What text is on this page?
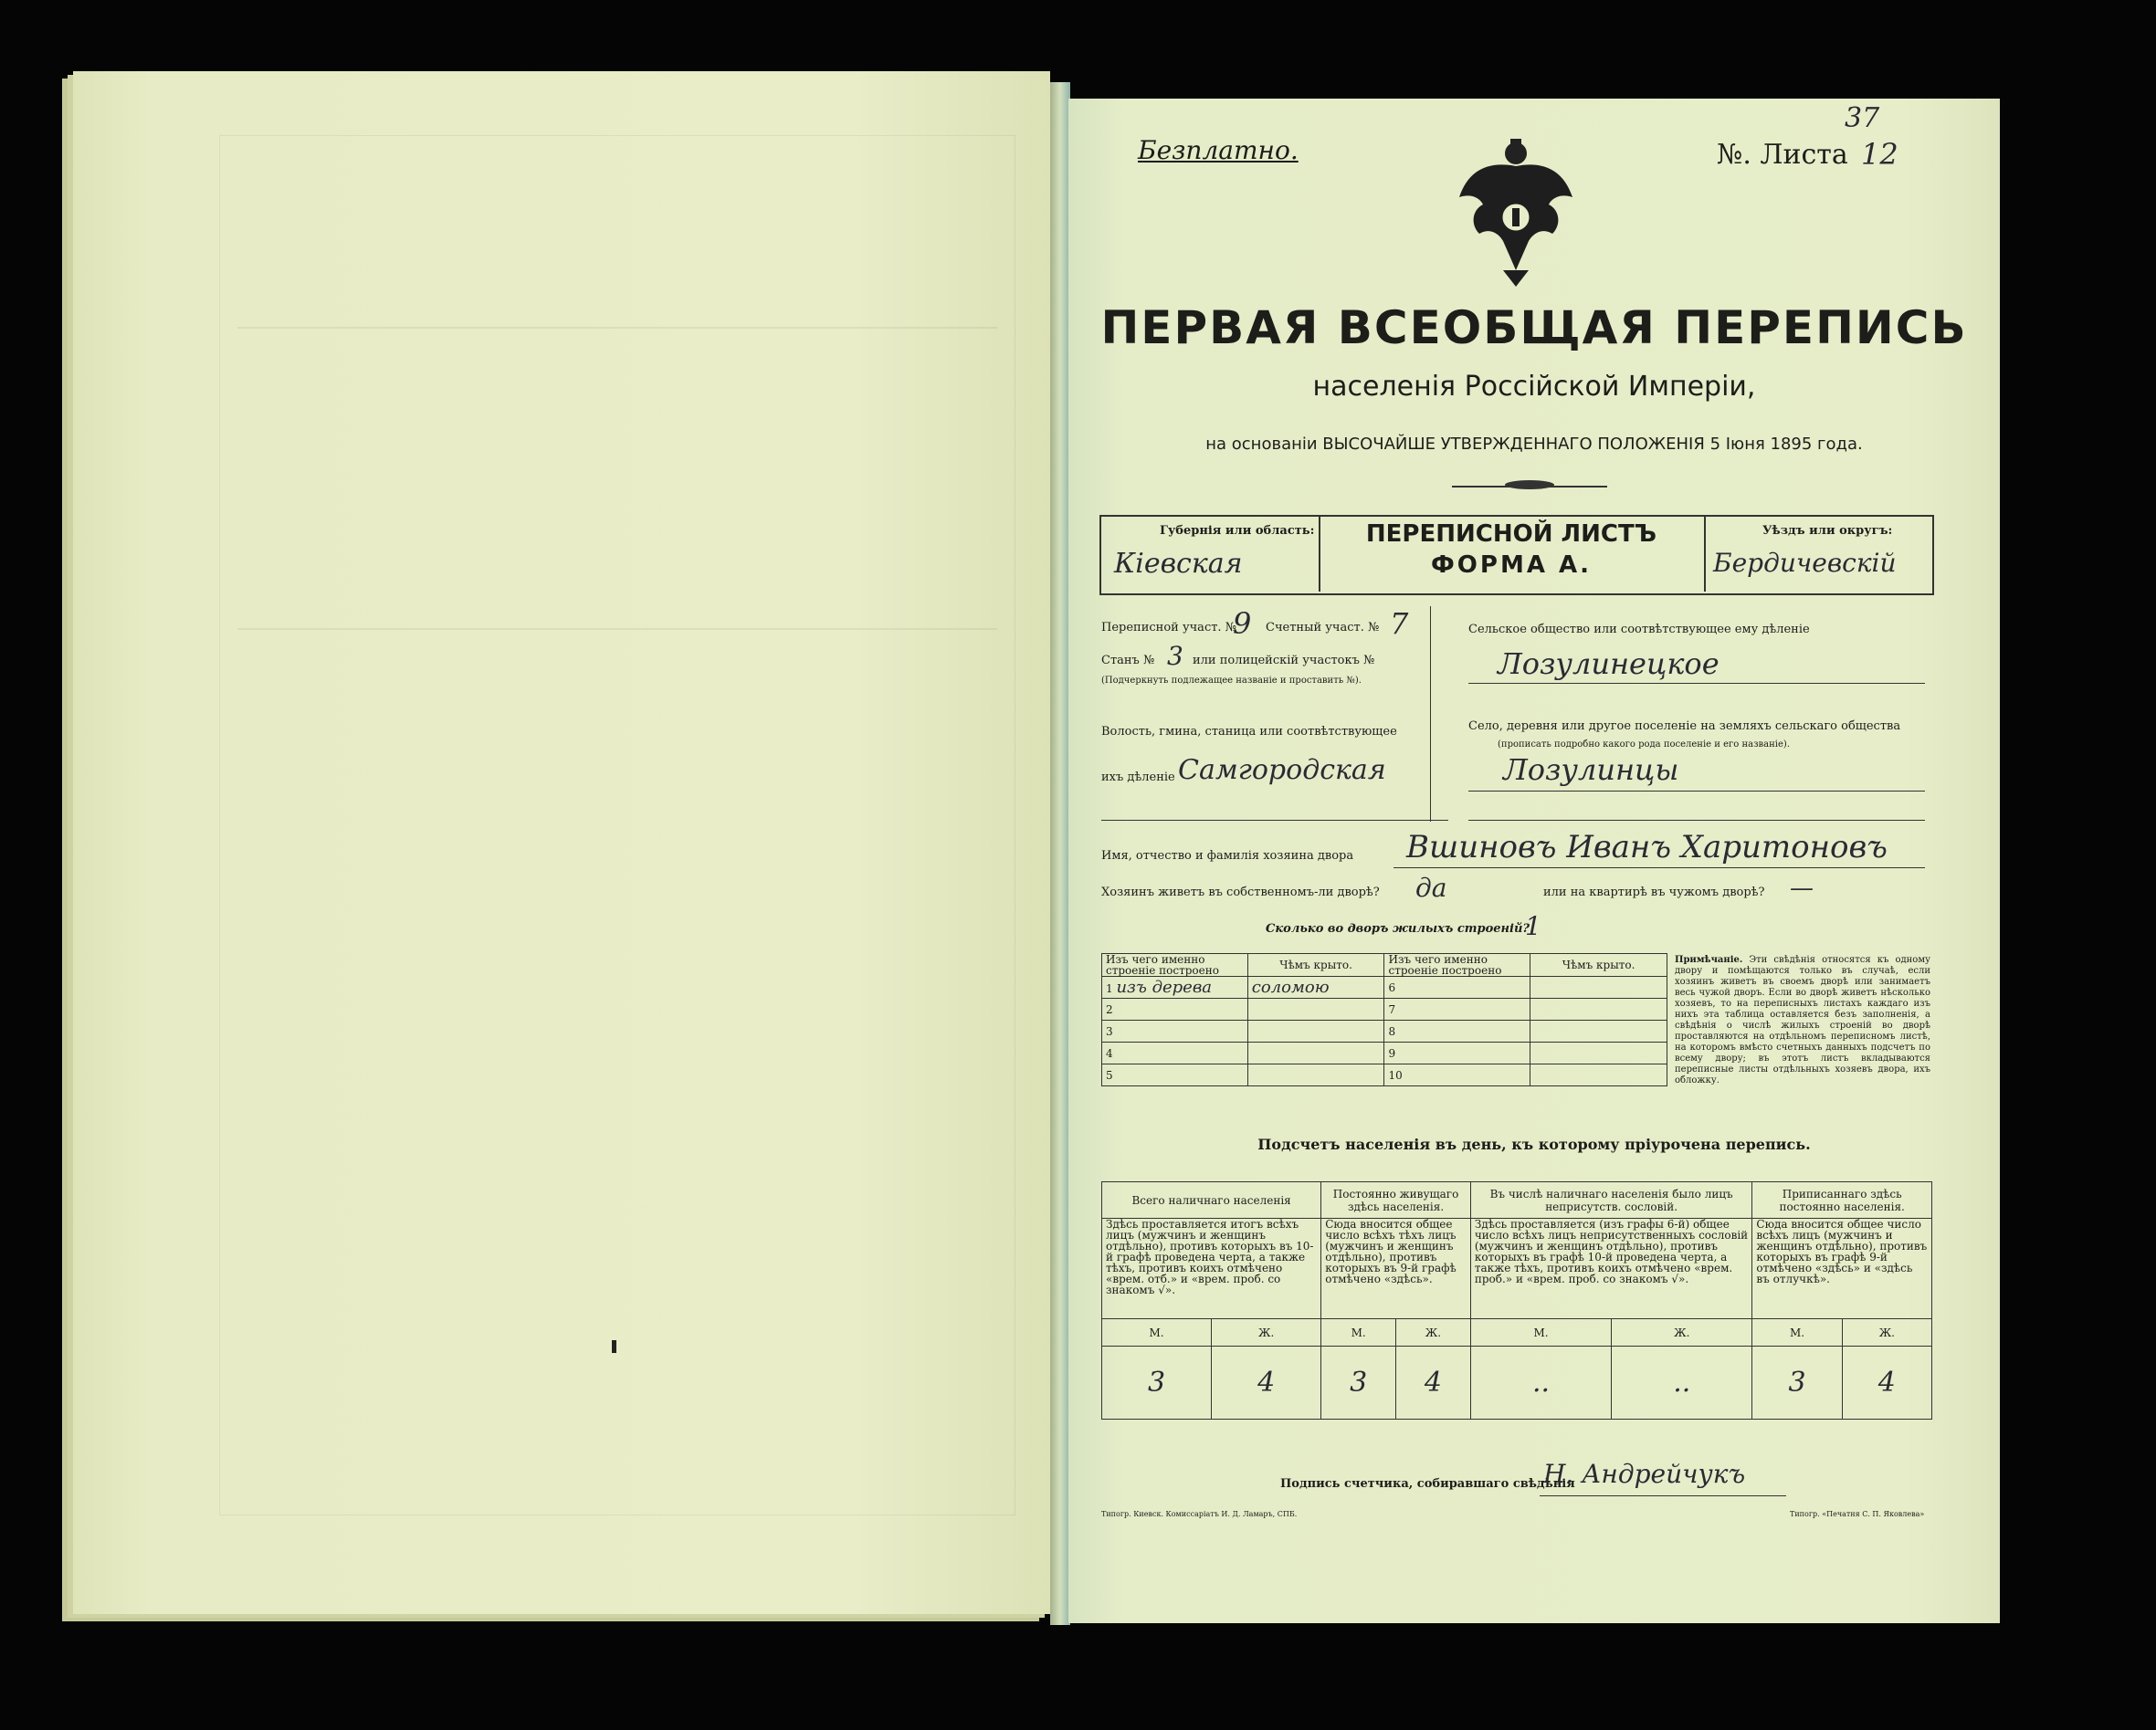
Безплатно.	№. Листа 12
37
ПЕРВАЯ ВСЕОБЩАЯ ПЕРЕПИСЬ
населенія Россійской Имперіи,
на основаніи ВЫСОЧАЙШЕ УТВЕРЖДЕННАГО ПОЛОЖЕНІЯ 5 Іюня 1895 года.
Губернія или область:
Кіевская
ПЕРЕПИСНОЙ ЛИСТЪ
ФОРМА А.
Уѣздъ или округъ:
Бердичевскій
Переписной участ. №
9 Счетный участ. № 7
Станъ № 3 или полицейскій участокъ №
(Подчеркнуть подлежащее названіе и проставить №).
Волость, гмина, станица или соотвѣтствующее
ихъ дѣленіе Самгородская
Сельское общество или соотвѣтствующее ему дѣленіе
Лозулинецкое
Село, деревня или другое поселеніе на земляхъ сельскаго общества
(прописать подробно какого рода поселеніе и его названіе).
Лозулинцы
Имя, отчество и фамилія хозяина двора Вшиновъ Иванъ Харитоновъ
Хозяинъ живетъ въ собственномъ-ли дворѣ? да	или на квартирѣ въ чужомъ дворѣ? —
Сколько во дворъ жилыхъ строеній?
1
Изъ чего именно строеніе построено	Чѣмъ крыто.	Изъ чего именно строеніе построено	Чѣмъ крыто.
1 изъ дерева	соломою	6	
2		7	
3		8	
4		9	
5		10	
Примѣчаніе. Эти свѣдѣнія относятся къ одному двору и помѣщаются только въ случаѣ, если хозяинъ живетъ въ своемъ дворѣ или занимаетъ весь чужой дворъ. Если во дворѣ живетъ нѣсколько хозяевъ, то на переписныхъ листахъ каждаго изъ нихъ эта таблица оставляется безъ заполненія, а свѣдѣнія о числѣ жилыхъ строеній во дворѣ проставляются на отдѣльномъ переписномъ листѣ, на которомъ вмѣсто счетныхъ данныхъ подсчетъ по всему двору; въ этотъ листъ вкладываются переписные листы отдѣльныхъ хозяевъ двора, ихъ обложку.
Подсчетъ населенія въ день, къ которому пріурочена перепись.
Всего наличнаго населенія		Постоянно живущаго здѣсь населенія.		Въ числѣ наличнаго населенія было лицъ неприсутств. сословій.		Приписаннаго здѣсь постоянно населенія.	
Здѣсь проставляется итогъ всѣхъ лицъ (мужчинъ и женщинъ отдѣльно), противъ которыхъ въ 10-й графѣ проведена черта, а также тѣхъ, противъ коихъ отмѣчено «врем. отб.» и «врем. проб. со знакомъ √».		Сюда вносится общее число всѣхъ тѣхъ лицъ (мужчинъ и женщинъ отдѣльно), противъ которыхъ въ 9-й графѣ отмѣчено «здѣсь».		Здѣсь проставляется (изъ графы 6-й) общее число всѣхъ лицъ неприсутственныхъ сословій (мужчинъ и женщинъ отдѣльно), противъ которыхъ въ графѣ 10-й проведена черта, а также тѣхъ, противъ коихъ отмѣчено «врем. проб.» и «врем. проб. со знакомъ √».		Сюда вносится общее число всѣхъ лицъ (мужчинъ и женщинъ отдѣльно), противъ которыхъ въ графѣ 9-й отмѣчено «здѣсь» и «здѣсь въ отлучкѣ».	
М.	Ж.	М.	Ж.	М.	Ж.	М.	Ж.
3	4	3	4	..	..	3	4
Подпись счетчика, собиравшаго свѣдѣнія
Н. Андрейчукъ
Типогр. Киевск. Комиссаріатъ И. Д. Ламаръ, СПБ.	Типогр. «Печатня С. П. Яковлева»
